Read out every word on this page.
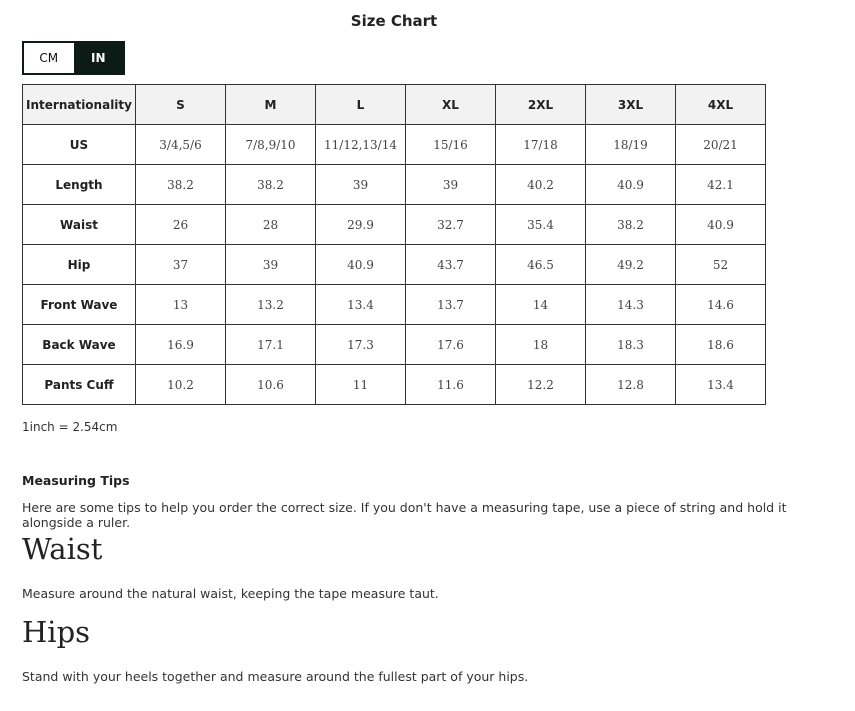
Size Chart
CM	IN
Internationality	S	M	L	XL	2XL	3XL	4XL
US	3/4,5/6	7/8,9/10	11/12,13/14	15/16	17/18	18/19	20/21
Length	38.2	38.2	39	39	40.2	40.9	42.1
Waist	26	28	29.9	32.7	35.4	38.2	40.9
Hip	37	39	40.9	43.7	46.5	49.2	52
Front Wave	13	13.2	13.4	13.7	14	14.3	14.6
Back Wave	16.9	17.1	17.3	17.6	18	18.3	18.6
Pants Cuff	10.2	10.6	11	11.6	12.2	12.8	13.4
1inch = 2.54cm
Measuring Tips
Here are some tips to help you order the correct size. If you don't have a measuring tape, use a piece of string and hold it alongside a ruler.
Waist
Measure around the natural waist, keeping the tape measure taut.
Hips
Stand with your heels together and measure around the fullest part of your hips.
